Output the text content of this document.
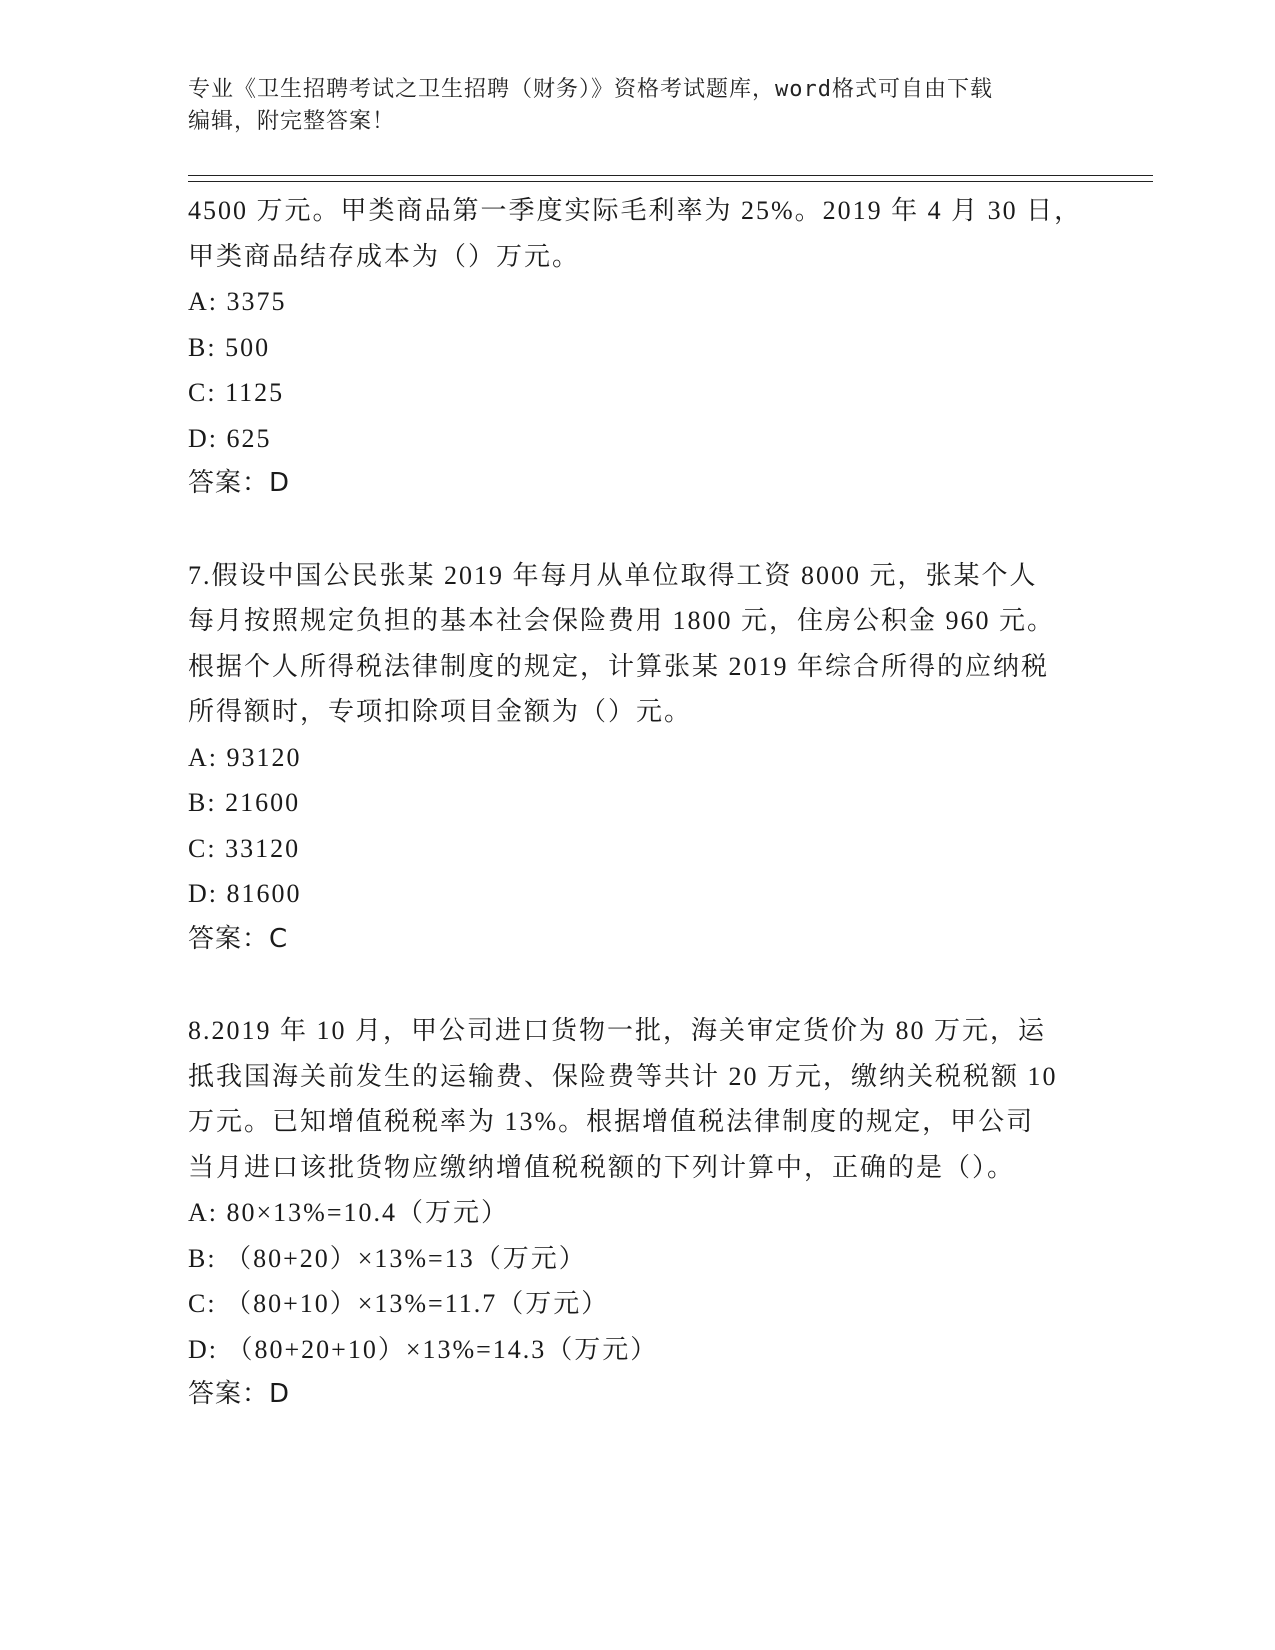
专业《卫生招聘考试之卫生招聘（财务）》资格考试题库，word格式可自由下载
编辑，附完整答案！
4500 万元。甲类商品第一季度实际毛利率为 25%。2019 年 4 月 30 日，
甲类商品结存成本为（）万元。
A: 3375
B: 500
C: 1125
D: 625
答案：D
7.假设中国公民张某 2019 年每月从单位取得工资 8000 元，张某个人
每月按照规定负担的基本社会保险费用 1800 元，住房公积金 960 元。
根据个人所得税法律制度的规定，计算张某 2019 年综合所得的应纳税
所得额时，专项扣除项目金额为（）元。
A: 93120
B: 21600
C: 33120
D: 81600
答案：C
8.2019 年 10 月，甲公司进口货物一批，海关审定货价为 80 万元，运
抵我国海关前发生的运输费、保险费等共计 20 万元，缴纳关税税额 10
万元。已知增值税税率为 13%。根据增值税法律制度的规定，甲公司
当月进口该批货物应缴纳增值税税额的下列计算中，正确的是（）。
A: 80×13%=10.4（万元）
B: （80+20）×13%=13（万元）
C: （80+10）×13%=11.7（万元）
D: （80+20+10）×13%=14.3（万元）
答案：D
